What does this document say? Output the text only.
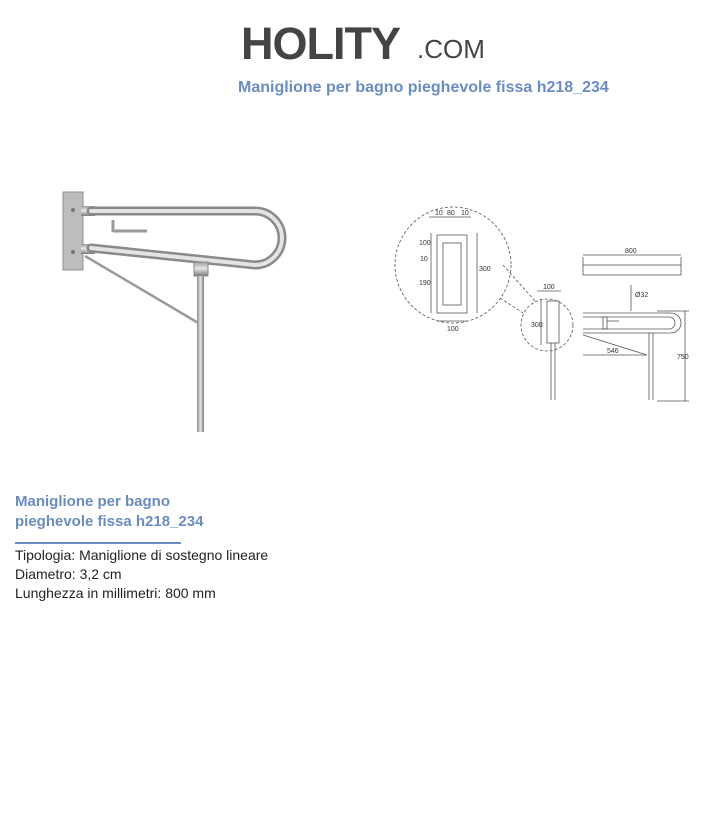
HOLITY .COM
Maniglione per bagno pieghevole fissa h218_234
10 80 10
10
100
190
300
100
800
100
Ø32
300
546
750
Maniglione per bagno
pieghevole fissa h218_234
Tipologia: Maniglione di sostegno lineare
Diametro: 3,2 cm
Lunghezza in millimetri: 800 mm
